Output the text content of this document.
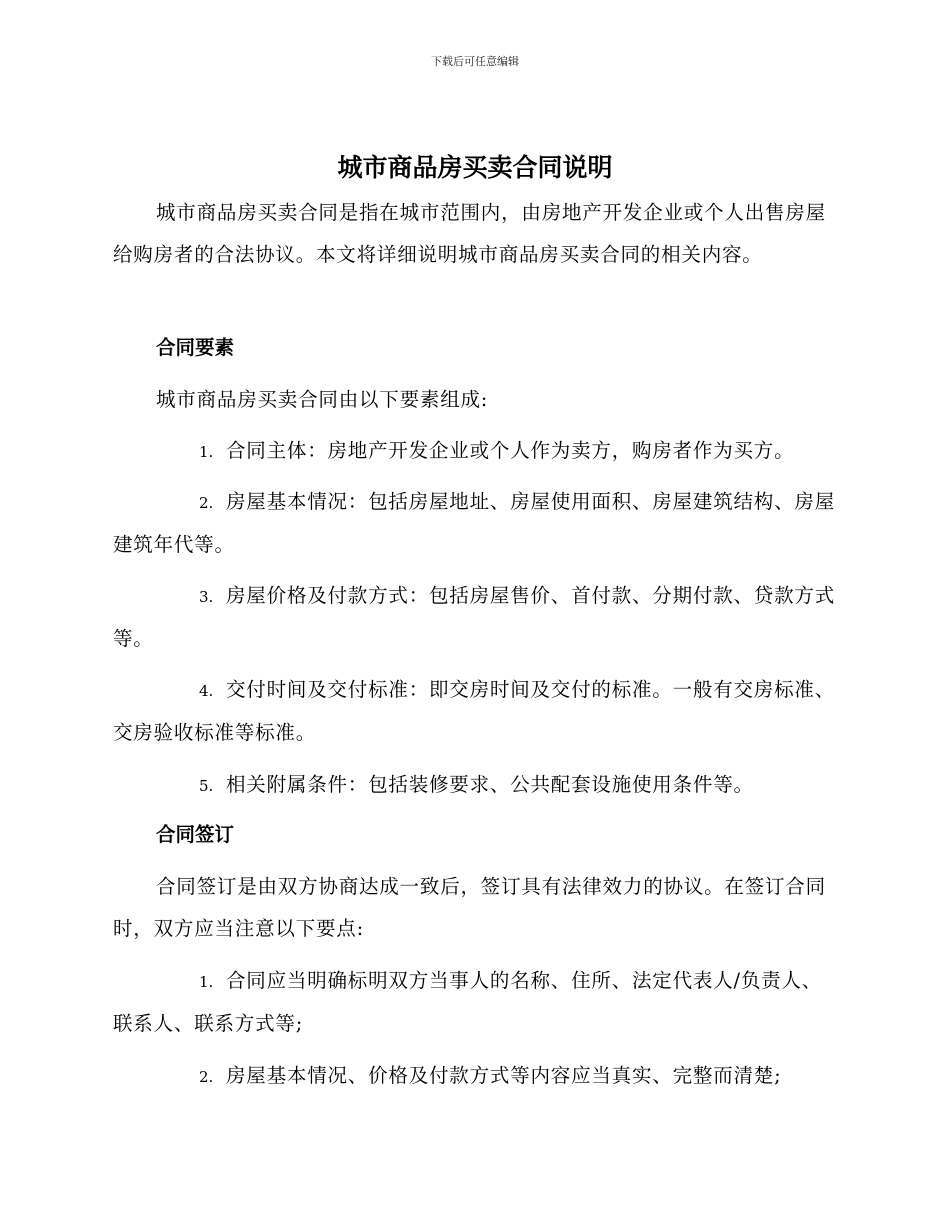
下载后可任意编辑
城市商品房买卖合同说明
城市商品房买卖合同是指在城市范围内，由房地产开发企业或个人出售房屋给购房者的合法协议。本文将详细说明城市商品房买卖合同的相关内容。
合同要素
城市商品房买卖合同由以下要素组成:
1. 合同主体：房地产开发企业或个人作为卖方，购房者作为买方。
2. 房屋基本情况：包括房屋地址、房屋使用面积、房屋建筑结构、房屋建筑年代等。
3. 房屋价格及付款方式：包括房屋售价、首付款、分期付款、贷款方式等。
4. 交付时间及交付标准：即交房时间及交付的标准。一般有交房标准、交房验收标准等标准。
5. 相关附属条件：包括装修要求、公共配套设施使用条件等。
合同签订
合同签订是由双方协商达成一致后，签订具有法律效力的协议。在签订合同时，双方应当注意以下要点:
1. 合同应当明确标明双方当事人的名称、住所、法定代表人/负责人、联系人、联系方式等;
2. 房屋基本情况、价格及付款方式等内容应当真实、完整而清楚;
